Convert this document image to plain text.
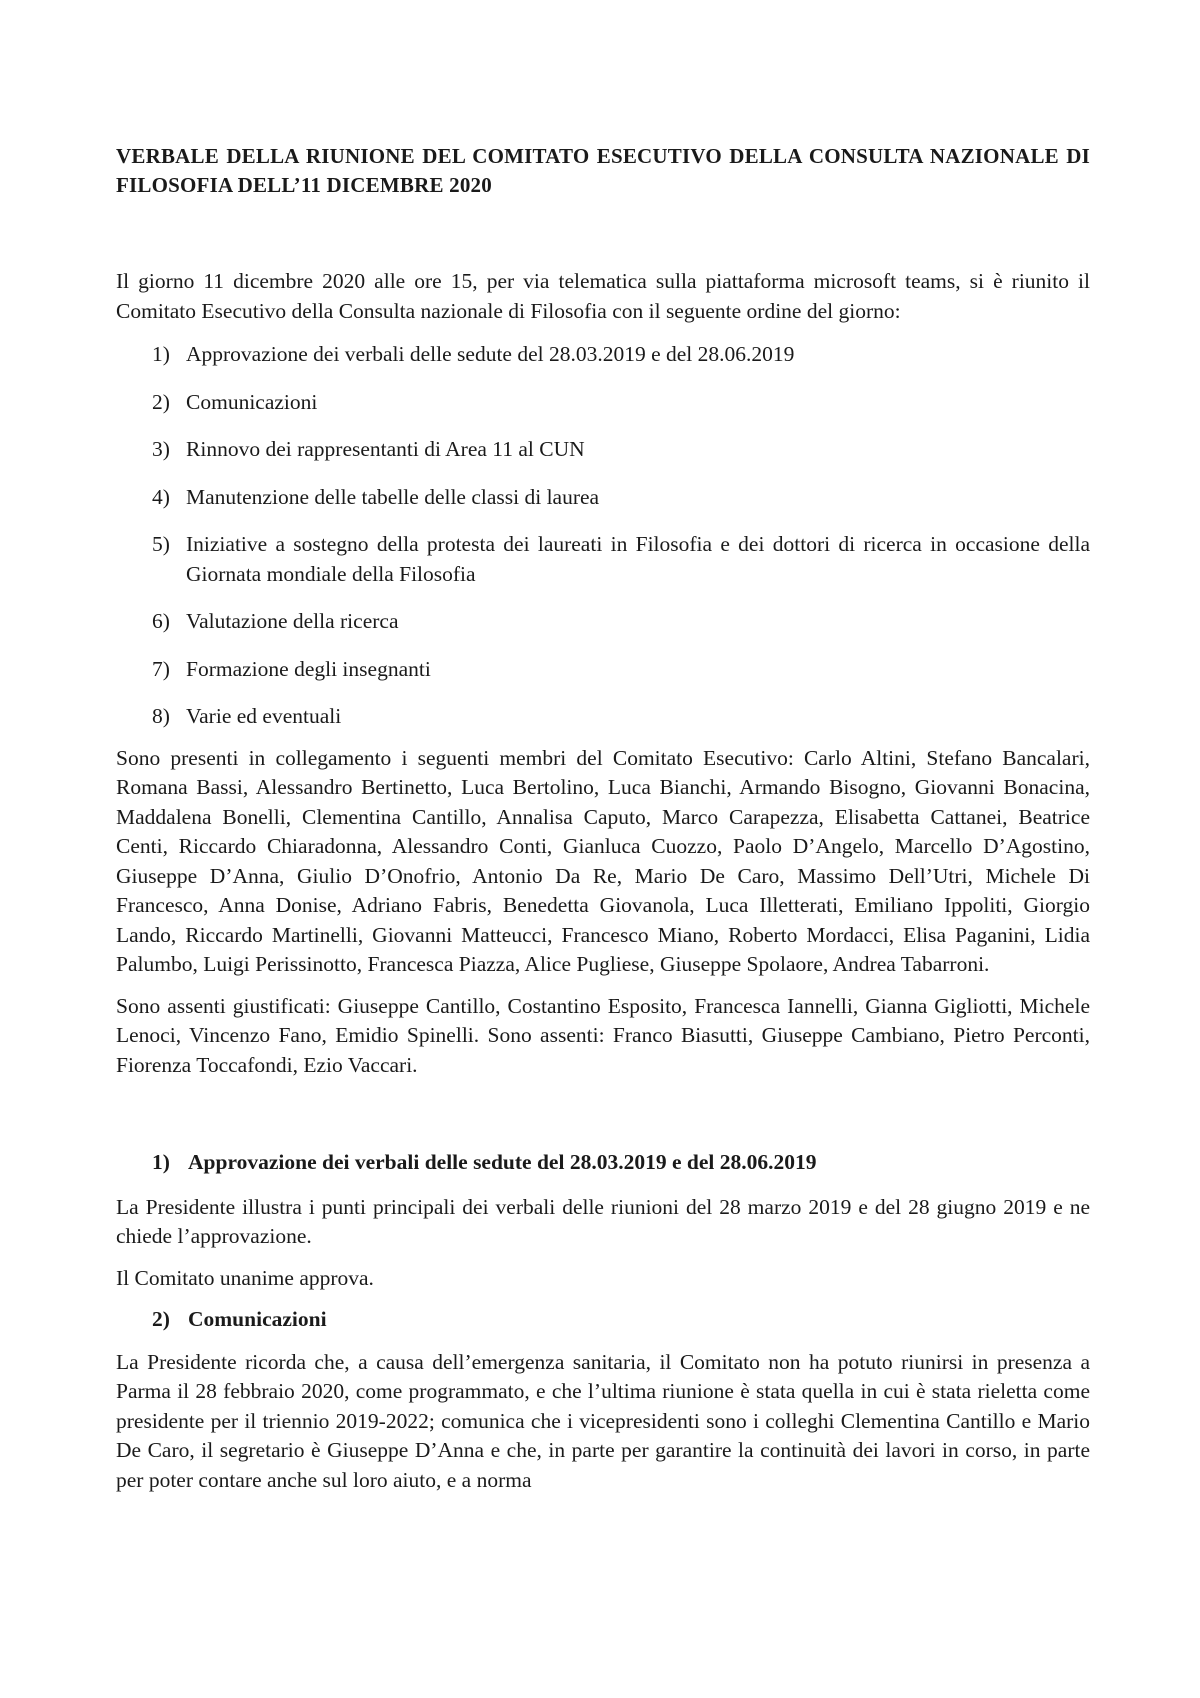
VERBALE DELLA RIUNIONE DEL COMITATO ESECUTIVO DELLA CONSULTA NAZIONALE DI FILOSOFIA DELL’11 DICEMBRE 2020

Il giorno 11 dicembre 2020 alle ore 15, per via telematica sulla piattaforma microsoft teams, si è riunito il Comitato Esecutivo della Consulta nazionale di Filosofia con il seguente ordine del giorno:

1) Approvazione dei verbali delle sedute del 28.03.2019 e del 28.06.2019
2) Comunicazioni
3) Rinnovo dei rappresentanti di Area 11 al CUN
4) Manutenzione delle tabelle delle classi di laurea
5) Iniziative a sostegno della protesta dei laureati in Filosofia e dei dottori di ricerca in occasione della Giornata mondiale della Filosofia
6) Valutazione della ricerca
7) Formazione degli insegnanti
8) Varie ed eventuali

Sono presenti in collegamento i seguenti membri del Comitato Esecutivo: Carlo Altini, Stefano Bancalari, Romana Bassi, Alessandro Bertinetto, Luca Bertolino, Luca Bianchi, Armando Bisogno, Giovanni Bonacina, Maddalena Bonelli, Clementina Cantillo, Annalisa Caputo, Marco Carapezza, Elisabetta Cattanei, Beatrice Centi, Riccardo Chiaradonna, Alessandro Conti, Gianluca Cuozzo, Paolo D’Angelo, Marcello D’Agostino, Giuseppe D’Anna, Giulio D’Onofrio, Antonio Da Re, Mario De Caro, Massimo Dell’Utri, Michele Di Francesco, Anna Donise, Adriano Fabris, Benedetta Giovanola, Luca Illetterati, Emiliano Ippoliti, Giorgio Lando, Riccardo Martinelli, Giovanni Matteucci, Francesco Miano, Roberto Mordacci, Elisa Paganini, Lidia Palumbo, Luigi Perissinotto, Francesca Piazza, Alice Pugliese, Giuseppe Spolaore, Andrea Tabarroni.

Sono assenti giustificati: Giuseppe Cantillo, Costantino Esposito, Francesca Iannelli, Gianna Gigliotti, Michele Lenoci, Vincenzo Fano, Emidio Spinelli. Sono assenti: Franco Biasutti, Giuseppe Cambiano, Pietro Perconti, Fiorenza Toccafondi, Ezio Vaccari.

1) Approvazione dei verbali delle sedute del 28.03.2019 e del 28.06.2019

La Presidente illustra i punti principali dei verbali delle riunioni del 28 marzo 2019 e del 28 giugno 2019 e ne chiede l’approvazione.

Il Comitato unanime approva.

2) Comunicazioni

La Presidente ricorda che, a causa dell’emergenza sanitaria, il Comitato non ha potuto riunirsi in presenza a Parma il 28 febbraio 2020, come programmato, e che l’ultima riunione è stata quella in cui è stata rieletta come presidente per il triennio 2019-2022; comunica che i vicepresidenti sono i colleghi Clementina Cantillo e Mario De Caro, il segretario è Giuseppe D’Anna e che, in parte per garantire la continuità dei lavori in corso, in parte per poter contare anche sul loro aiuto, e a norma
